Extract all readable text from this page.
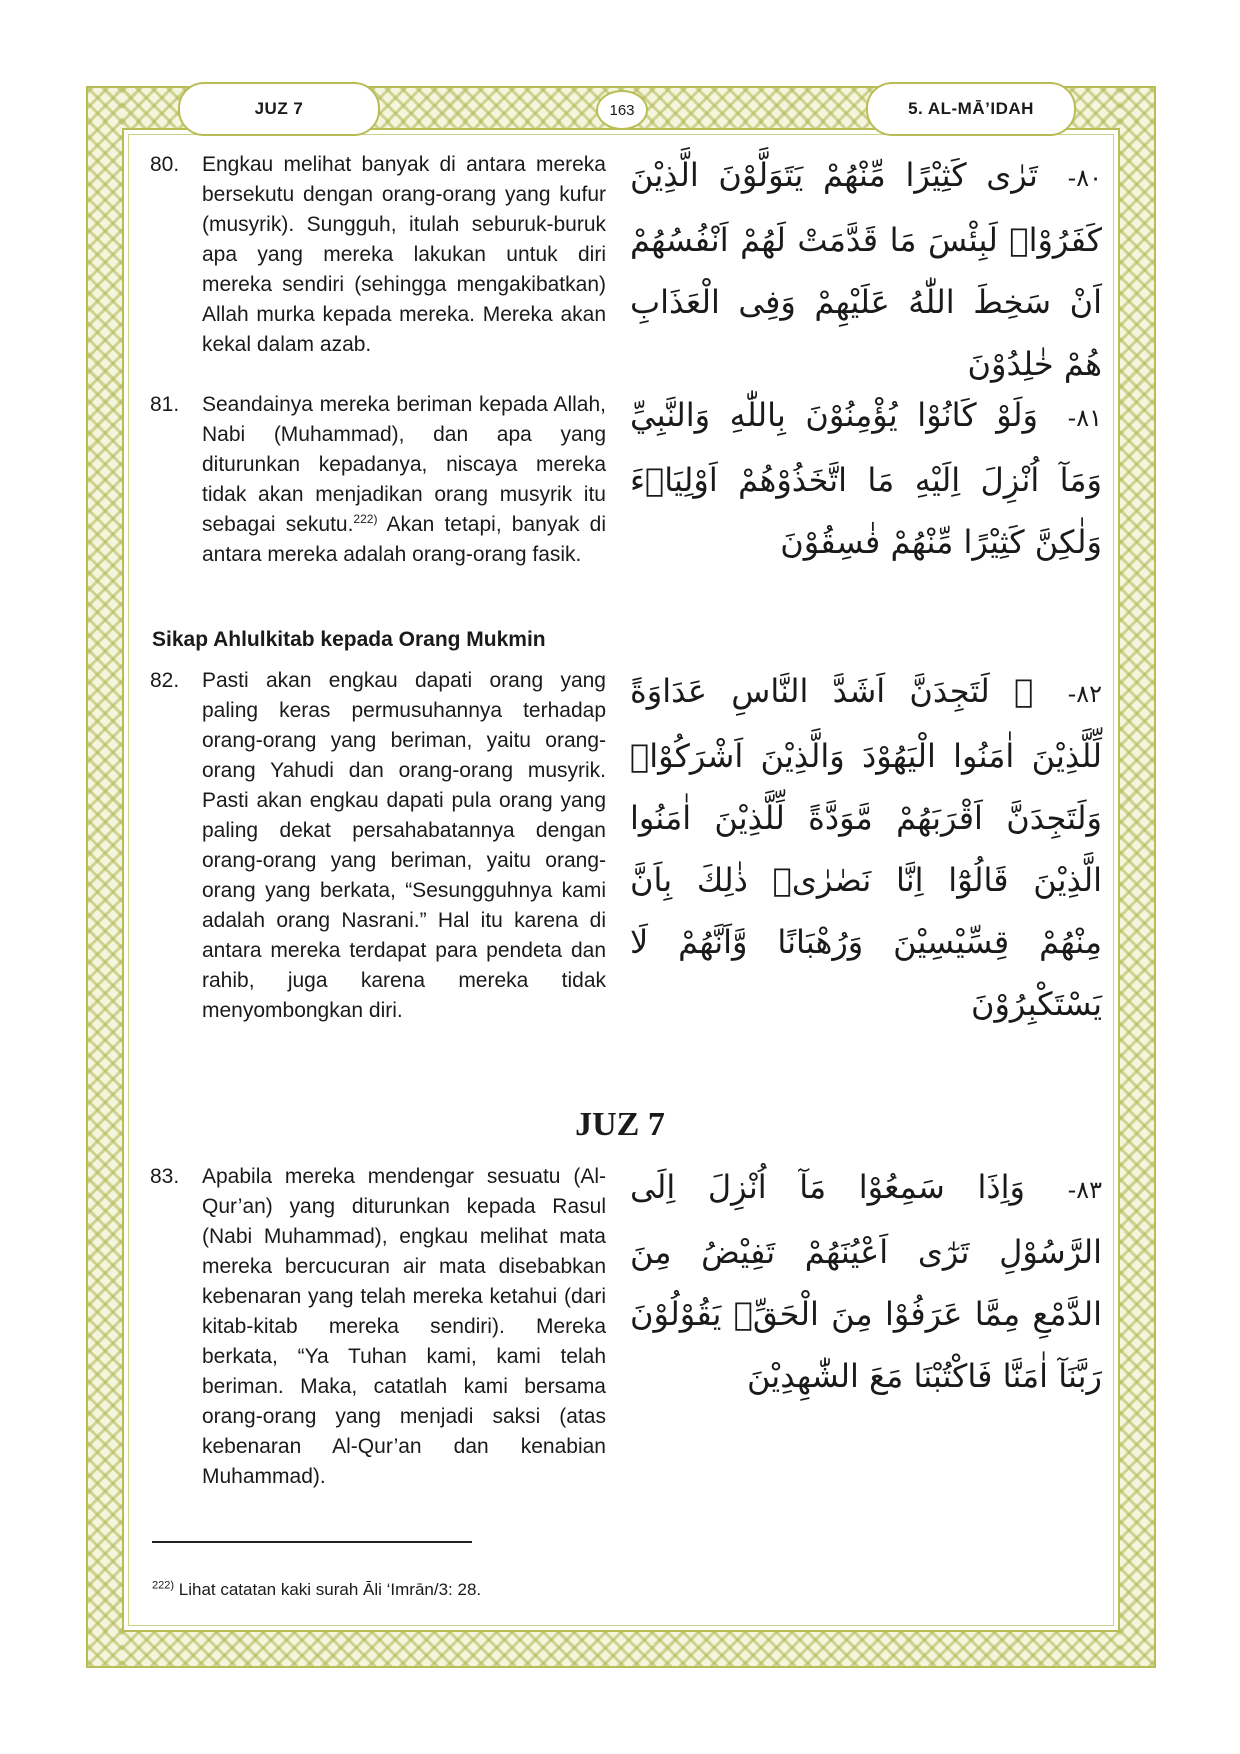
JUZ 7	163	5. AL-MĀ’IDAH
80. Engkau melihat banyak di antara mereka bersekutu dengan orang-orang yang kufur (musyrik). Sungguh, itulah seburuk-buruk apa yang mereka lakukan untuk diri mereka sendiri (sehingga mengakibatkan) Allah murka kepada mereka. Mereka akan kekal dalam azab.
٨٠- تَرٰى كَثِيْرًا مِّنْهُمْ يَتَوَلَّوْنَ الَّذِيْنَ كَفَرُوْاۗ لَبِئْسَ مَا قَدَّمَتْ لَهُمْ اَنْفُسُهُمْ اَنْ سَخِطَ اللّٰهُ عَلَيْهِمْ وَفِى الْعَذَابِ هُمْ خٰلِدُوْنَ
81. Seandainya mereka beriman kepada Allah, Nabi (Muhammad), dan apa yang diturunkan kepadanya, niscaya mereka tidak akan menjadikan orang musyrik itu sebagai sekutu.$^{222)}$ Akan tetapi, banyak di antara mereka adalah orang-orang fasik.
٨١- وَلَوْ كَانُوْا يُؤْمِنُوْنَ بِاللّٰهِ وَالنَّبِيِّ وَمَآ اُنْزِلَ اِلَيْهِ مَا اتَّخَذُوْهُمْ اَوْلِيَاۤءَ وَلٰكِنَّ كَثِيْرًا مِّنْهُمْ فٰسِقُوْنَ
Sikap Ahlulkitab kepada Orang Mukmin
82. Pasti akan engkau dapati orang yang paling keras permusuhannya terhadap orang-orang yang beriman, yaitu orang-orang Yahudi dan orang-orang musyrik. Pasti akan engkau dapati pula orang yang paling dekat persahabatannya dengan orang-orang yang beriman, yaitu orang-orang yang berkata, “Sesungguhnya kami adalah orang Nasrani.” Hal itu karena di antara mereka terdapat para pendeta dan rahib, juga karena mereka tidak menyombongkan diri.
٨٢- ۞ لَتَجِدَنَّ اَشَدَّ النَّاسِ عَدَاوَةً لِّلَّذِيْنَ اٰمَنُوا الْيَهُوْدَ وَالَّذِيْنَ اَشْرَكُوْاۚ وَلَتَجِدَنَّ اَقْرَبَهُمْ مَّوَدَّةً لِّلَّذِيْنَ اٰمَنُوا الَّذِيْنَ قَالُوْٓا اِنَّا نَصٰرٰىۗ ذٰلِكَ بِاَنَّ مِنْهُمْ قِسِّيْسِيْنَ وَرُهْبَانًا وَّاَنَّهُمْ لَا يَسْتَكْبِرُوْنَ
JUZ 7
83. Apabila mereka mendengar sesuatu (Al-Qur’an) yang diturunkan kepada Rasul (Nabi Muhammad), engkau melihat mata mereka bercucuran air mata disebabkan kebenaran yang telah mereka ketahui (dari kitab-kitab mereka sendiri). Mereka berkata, “Ya Tuhan kami, kami telah beriman. Maka, catatlah kami bersama orang-orang yang menjadi saksi (atas kebenaran Al-Qur’an dan kenabian Muhammad).
٨٣- وَاِذَا سَمِعُوْا مَآ اُنْزِلَ اِلَى الرَّسُوْلِ تَرٰٓى اَعْيُنَهُمْ تَفِيْضُ مِنَ الدَّمْعِ مِمَّا عَرَفُوْا مِنَ الْحَقِّۚ يَقُوْلُوْنَ رَبَّنَآ اٰمَنَّا فَاكْتُبْنَا مَعَ الشّٰهِدِيْنَ
$^{222)}$ Lihat catatan kaki surah Āli ‘Imrān/3: 28.
